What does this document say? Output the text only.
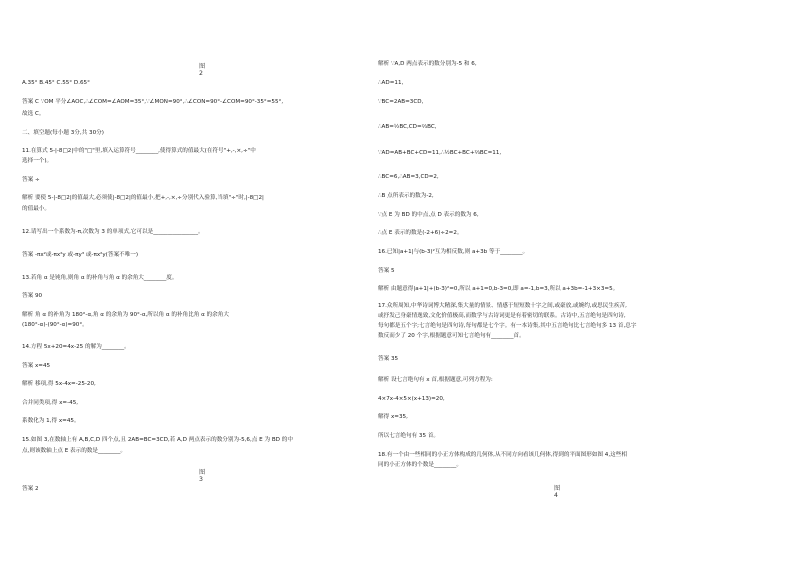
图 2
A.35° B.45° C.55° D.65°
答案 C ∵OM 平分∠AOC,∴∠COM=∠AOM=35°,∵∠MON=90°,∴∠CON=90°-∠COM=90°-35°=55°,
故选 C。
二、填空题(每小题 3分,共 30分)
11.在算式 5-|-8□2|中的"□"里,填入运算符号________,使得算式的值最大(在符号"+,-,×,÷"中
选择一个)。
答案 ÷
解析 要使 5-|-8□2|的值最大,必须使|-8□2|的值最小,把+,-,×,÷分别代入验算,当填"÷"时,|-8□2|
的值最小。
12.请写出一个系数为-π,次数为 3 的单项式,它可以是________________。
答案 -πx²或-πx²y 或-πy³ 或-πx²y(答案不唯一)
13.若角 α 是钝角,则角 α 的补角与角 α 的余角大________度。
答案 90
解析 角 α 的补角为 180°-α,角 α 的余角为 90°-α,所以角 α 的补角比角 α 的余角大
(180°-α)-(90°-α)=90°。
14.方程 5x+20=4x-25 的解为________。
答案 x=45
解析 移项,得 5x-4x=-25-20,
合并同类项,得 x=-45,
系数化为 1,得 x=45。
15.如图 3,在数轴上有 A,B,C,D 四个点,且 2AB=BC=3CD,若 A,D 两点表示的数分别为-5,6,点 E 为 BD 的中
点,则该数轴上点 E 表示的数是________。
图 3
答案 2
解析 ∵A,D 两点表示的数分别为-5 和 6,
∴AD=11,
∵BC=2AB=3CD,
∴AB=½BC,CD=⅔BC,
∵AD=AB+BC+CD=11,∴½BC+BC+⅔BC=11,
∴BC=6,∴AB=3,CD=2,
∴B 点所表示的数为-2,
∵点 E 为 BD 的中点,点 D 表示的数为 6,
∴点 E 表示的数是(-2+6)÷2=2。
16.已知|a+1|与(b-3)²互为相反数,则 a+3b 等于________。
答案 5
解析 由题意得|a+1|+(b-3)²=0,所以 a+1=0,b-3=0,即 a=-1,b=3,所以 a+3b=-1+3×3=5。
17.众所周知,中华诗词博大精深,集大量的情景、情感于短短数十字之间,或豪放,或婉约,或思民生疾苦,
或抒发己身豪情逸致,文化价值极高,而数学与古诗词更是有着密切的联系。古诗中,五言绝句是四句诗,
每句都是五个字;七言绝句是四句诗,每句都是七个字。有一本诗集,其中五言绝句比七言绝句多 13 首,总字
数反而少了 20 个字,根据题意可知七言绝句有________首。
答案 35
解析 设七言绝句有 x 首,根据题意,可列方程为:
4×7x-4×5×(x+13)=20,
解得 x=35,
所以七言绝句有 35 首。
18.有一个由一些相同的小正方体构成的几何体,从不同方向看该几何体,得到的平面图形如图 4,这些相
同的小正方体的个数是________。
图 4
